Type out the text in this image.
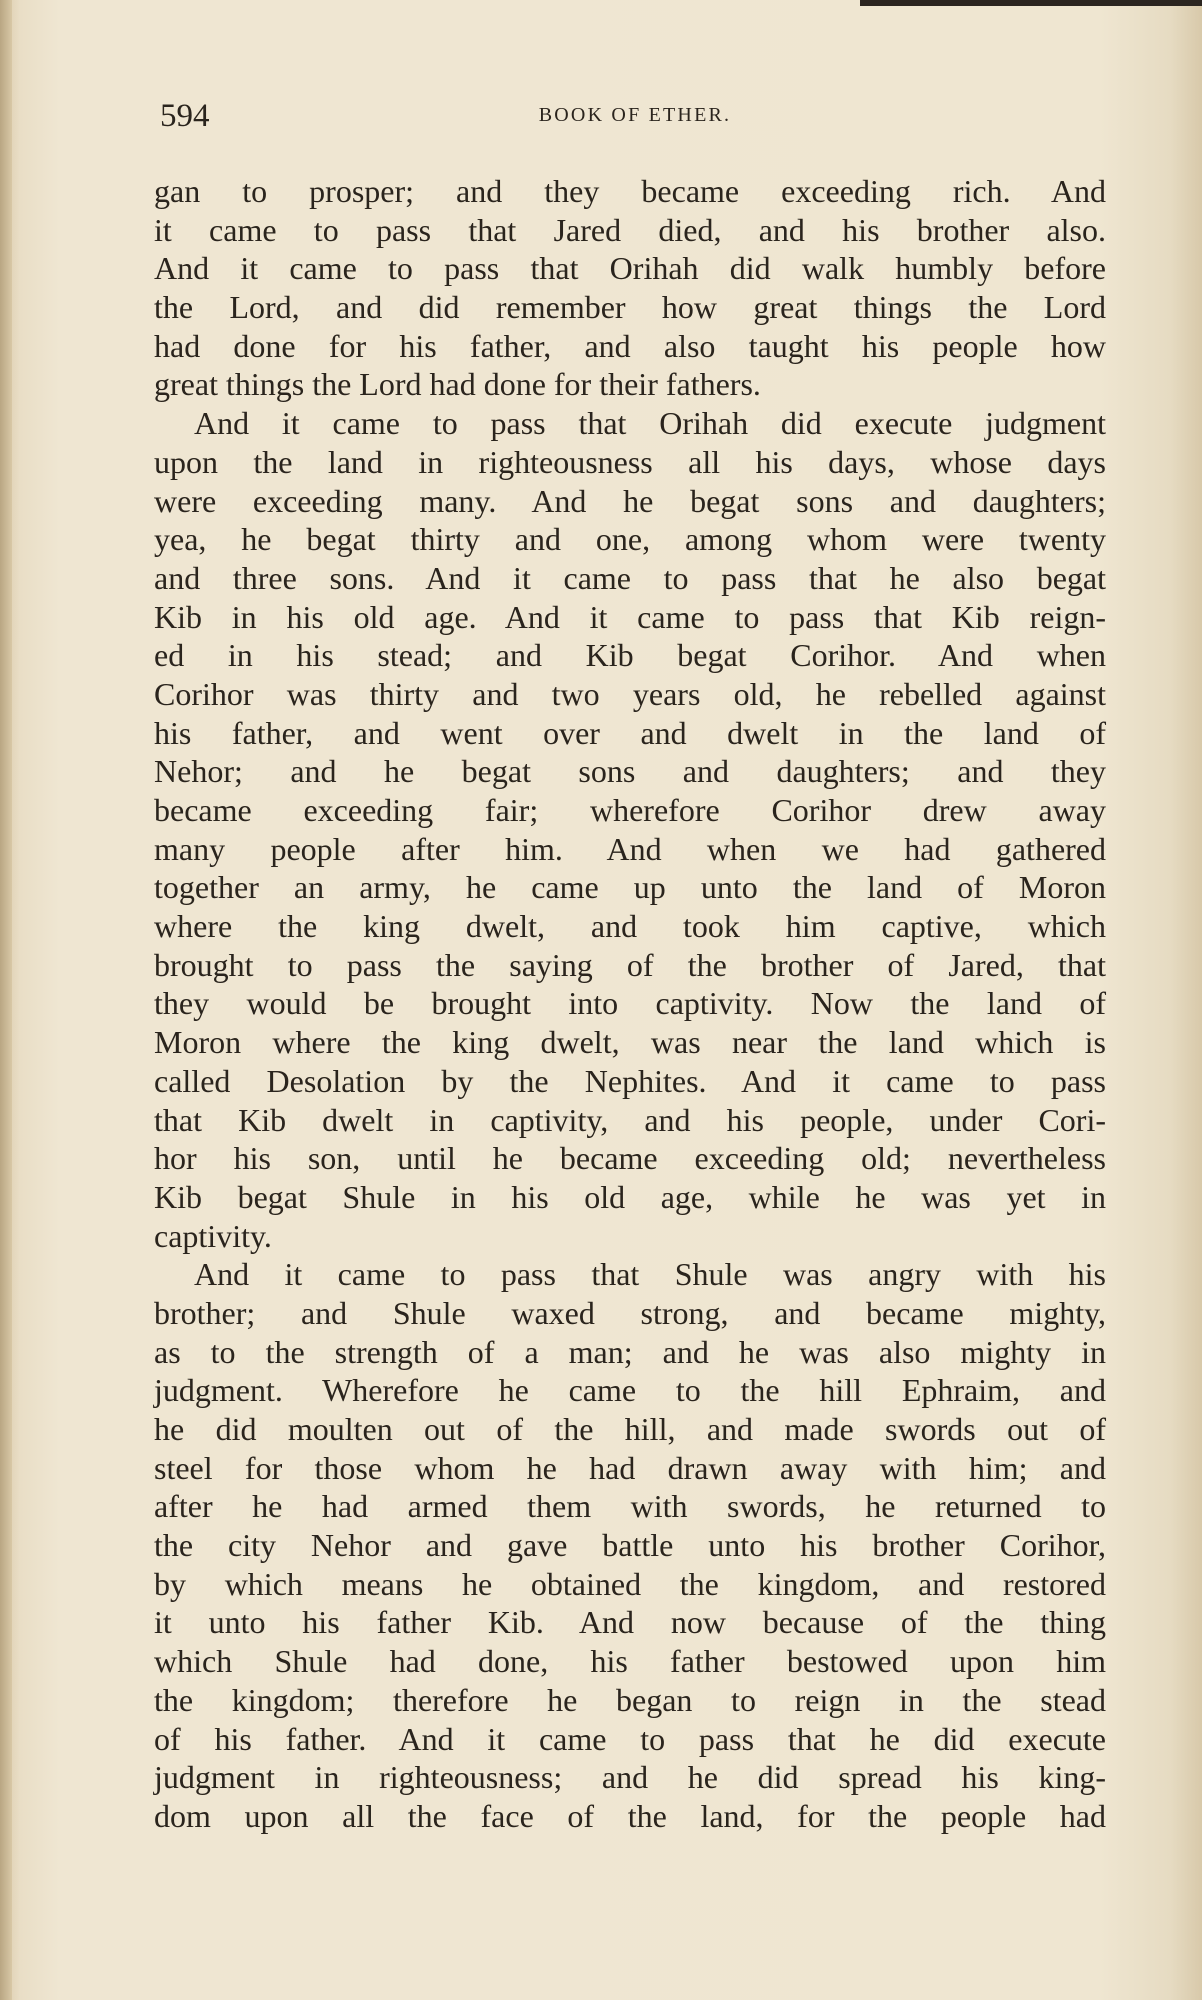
594	BOOK OF ETHER.
gan to prosper; and they became exceeding rich. And
it came to pass that Jared died, and his brother also.
And it came to pass that Orihah did walk humbly before
the Lord, and did remember how great things the Lord
had done for his father, and also taught his people how
great things the Lord had done for their fathers.
And it came to pass that Orihah did execute judgment
upon the land in righteousness all his days, whose days
were exceeding many. And he begat sons and daughters;
yea, he begat thirty and one, among whom were twenty
and three sons. And it came to pass that he also begat
Kib in his old age. And it came to pass that Kib reign-
ed in his stead; and Kib begat Corihor. And when
Corihor was thirty and two years old, he rebelled against
his father, and went over and dwelt in the land of
Nehor; and he begat sons and daughters; and they
became exceeding fair; wherefore Corihor drew away
many people after him. And when we had gathered
together an army, he came up unto the land of Moron
where the king dwelt, and took him captive, which
brought to pass the saying of the brother of Jared, that
they would be brought into captivity. Now the land of
Moron where the king dwelt, was near the land which is
called Desolation by the Nephites. And it came to pass
that Kib dwelt in captivity, and his people, under Cori-
hor his son, until he became exceeding old; nevertheless
Kib begat Shule in his old age, while he was yet in
captivity.
And it came to pass that Shule was angry with his
brother; and Shule waxed strong, and became mighty,
as to the strength of a man; and he was also mighty in
judgment. Wherefore he came to the hill Ephraim, and
he did moulten out of the hill, and made swords out of
steel for those whom he had drawn away with him; and
after he had armed them with swords, he returned to
the city Nehor and gave battle unto his brother Corihor,
by which means he obtained the kingdom, and restored
it unto his father Kib. And now because of the thing
which Shule had done, his father bestowed upon him
the kingdom; therefore he began to reign in the stead
of his father. And it came to pass that he did execute
judgment in righteousness; and he did spread his king-
dom upon all the face of the land, for the people had
